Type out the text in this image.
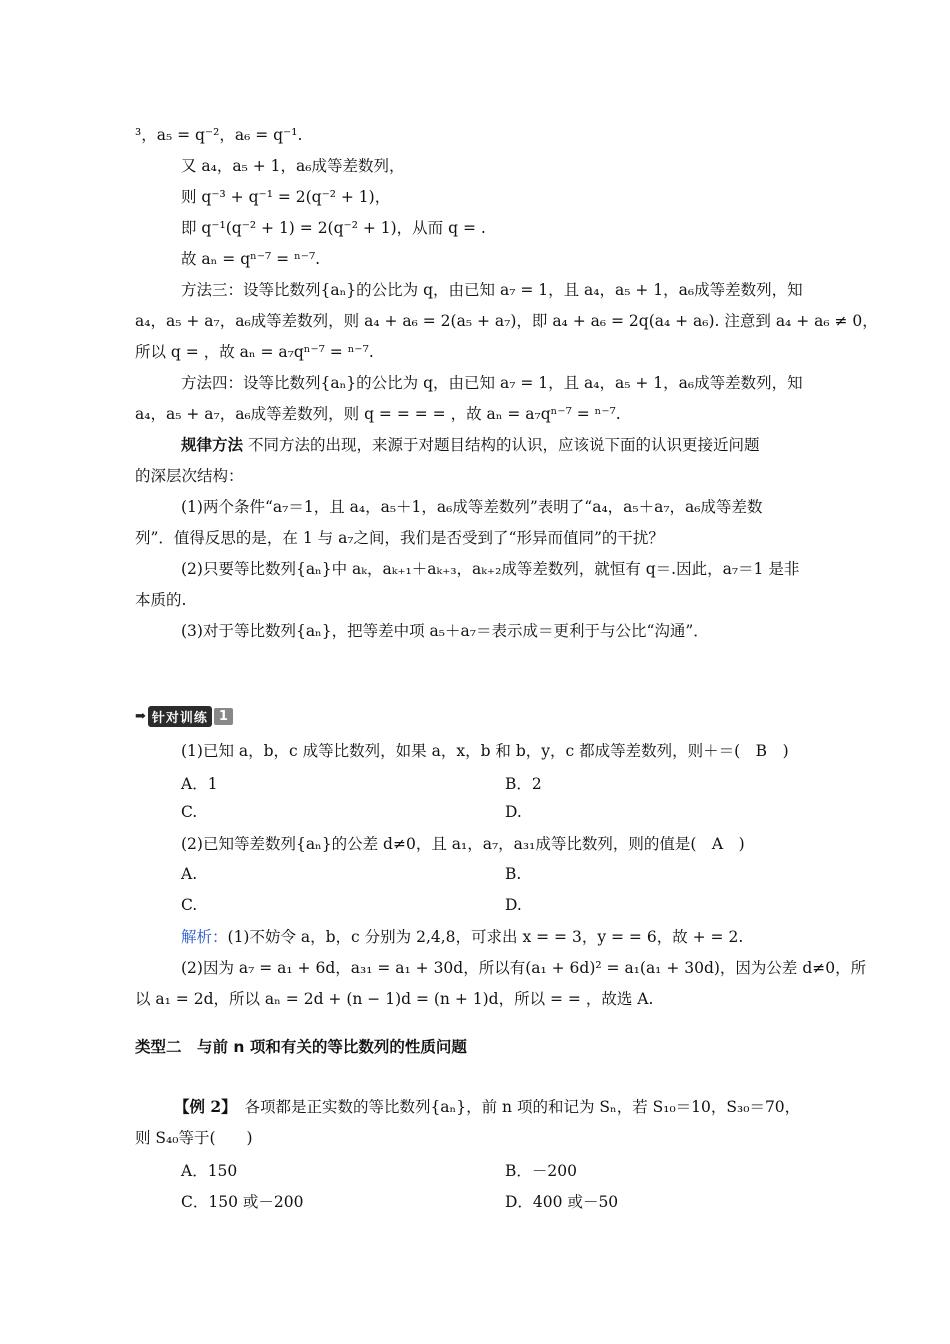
³，a₅ = q⁻²，a₆ = q⁻¹.
又 a₄，a₅ + 1，a₆成等差数列，
则 q⁻³ + q⁻¹ = 2(q⁻² + 1)，
即 q⁻¹(q⁻² + 1) = 2(q⁻² + 1)，从而 q = .
故 aₙ = qⁿ⁻⁷ = ⁿ⁻⁷.
方法三：设等比数列{aₙ}的公比为 q，由已知 a₇ = 1，且 a₄，a₅ + 1，a₆成等差数列，知
a₄，a₅ + a₇，a₆成等差数列，则 a₄ + a₆ = 2(a₅ + a₇)，即 a₄ + a₆ = 2q(a₄ + a₆). 注意到 a₄ + a₆ ≠ 0，
所以 q = ，故 aₙ = a₇qⁿ⁻⁷ = ⁿ⁻⁷.
方法四：设等比数列{aₙ}的公比为 q，由已知 a₇ = 1，且 a₄，a₅ + 1，a₆成等差数列，知
a₄，a₅ + a₇，a₆成等差数列，则 q = = = = ，故 aₙ = a₇qⁿ⁻⁷ = ⁿ⁻⁷.
规律方法 不同方法的出现，来源于对题目结构的认识，应该说下面的认识更接近问题
的深层次结构：
(1)两个条件“a₇＝1，且 a₄，a₅＋1，a₆成等差数列”表明了“a₄，a₅＋a₇，a₆成等差数
列”．值得反思的是，在 1 与 a₇之间，我们是否受到了“形异而值同”的干扰？
(2)只要等比数列{aₙ}中 aₖ，aₖ₊₁＋aₖ₊₃，aₖ₊₂成等差数列，就恒有 q＝.因此，a₇＝1 是非
本质的.
(3)对于等比数列{aₙ}，把等差中项 a₅＋a₇＝表示成＝更利于与公比“沟通”．
➡ 针对训练 1
(1)已知 a，b，c 成等比数列，如果 a，x，b 和 b，y，c 都成等差数列，则＋＝(　B　)
A．1	B．2
C.	D.
(2)已知等差数列{aₙ}的公差 d≠0，且 a₁，a₇，a₃₁成等比数列，则的值是(　A　)
A.	B.
C.	D.
解析：(1)不妨令 a，b，c 分别为 2,4,8，可求出 x = = 3，y = = 6，故 + = 2.
(2)因为 a₇ = a₁ + 6d，a₃₁ = a₁ + 30d，所以有(a₁ + 6d)² = a₁(a₁ + 30d)，因为公差 d≠0，所
以 a₁ = 2d，所以 aₙ = 2d + (n − 1)d = (n + 1)d，所以 = = ，故选 A.
类型二　与前 n 项和有关的等比数列的性质问题
【例 2】　各项都是正实数的等比数列{aₙ}，前 n 项的和记为 Sₙ，若 S₁₀＝10，S₃₀＝70，
则 S₄₀等于(　　)
A．150	B．－200
C．150 或－200	D．400 或－50
